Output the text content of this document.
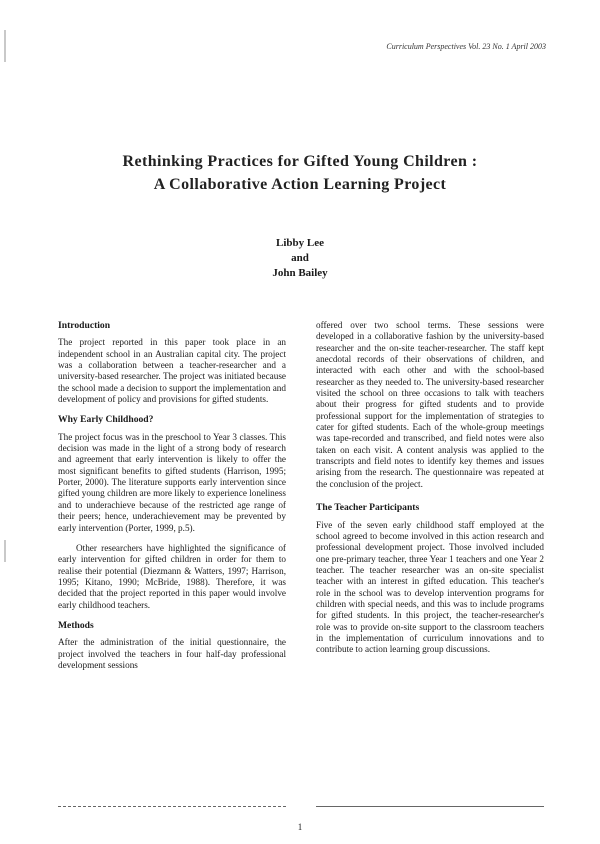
Curriculum Perspectives Vol. 23 No. 1 April 2003
Rethinking Practices for Gifted Young Children :
A Collaborative Action Learning Project
Libby Lee
and
John Bailey
Introduction

The project reported in this paper took place in an independent school in an Australian capital city. The project was a collaboration between a teacher-researcher and a university-based researcher. The project was initiated because the school made a decision to support the implementation and development of policy and provisions for gifted students.

Why Early Childhood?

The project focus was in the preschool to Year 3 classes. This decision was made in the light of a strong body of research and agreement that early intervention is likely to offer the most significant benefits to gifted students (Harrison, 1995; Porter, 2000). The literature supports early intervention since gifted young children are more likely to experience loneliness and to underachieve because of the restricted age range of their peers; hence, underachievement may be prevented by early intervention (Porter, 1999, p.5).

Other researchers have highlighted the significance of early intervention for gifted children in order for them to realise their potential (Diezmann & Watters, 1997; Harrison, 1995; Kitano, 1990; McBride, 1988). Therefore, it was decided that the project reported in this paper would involve early childhood teachers.

Methods

After the administration of the initial questionnaire, the project involved the teachers in four half-day professional development sessions

offered over two school terms. These sessions were developed in a collaborative fashion by the university-based researcher and the on-site teacher-researcher. The staff kept anecdotal records of their observations of children, and interacted with each other and with the school-based researcher as they needed to. The university-based researcher visited the school on three occasions to talk with teachers about their progress for gifted students and to provide professional support for the implementation of strategies to cater for gifted students. Each of the whole-group meetings was tape-recorded and transcribed, and field notes were also taken on each visit. A content analysis was applied to the transcripts and field notes to identify key themes and issues arising from the research. The questionnaire was repeated at the conclusion of the project.

The Teacher Participants

Five of the seven early childhood staff employed at the school agreed to become involved in this action research and professional development project. Those involved included one pre-primary teacher, three Year 1 teachers and one Year 2 teacher. The teacher researcher was an on-site specialist teacher with an interest in gifted education. This teacher's role in the school was to develop intervention programs for children with special needs, and this was to include programs for gifted students. In this project, the teacher-researcher's role was to provide on-site support to the classroom teachers in the implementation of curriculum innovations and to contribute to action learning group discussions.

1
